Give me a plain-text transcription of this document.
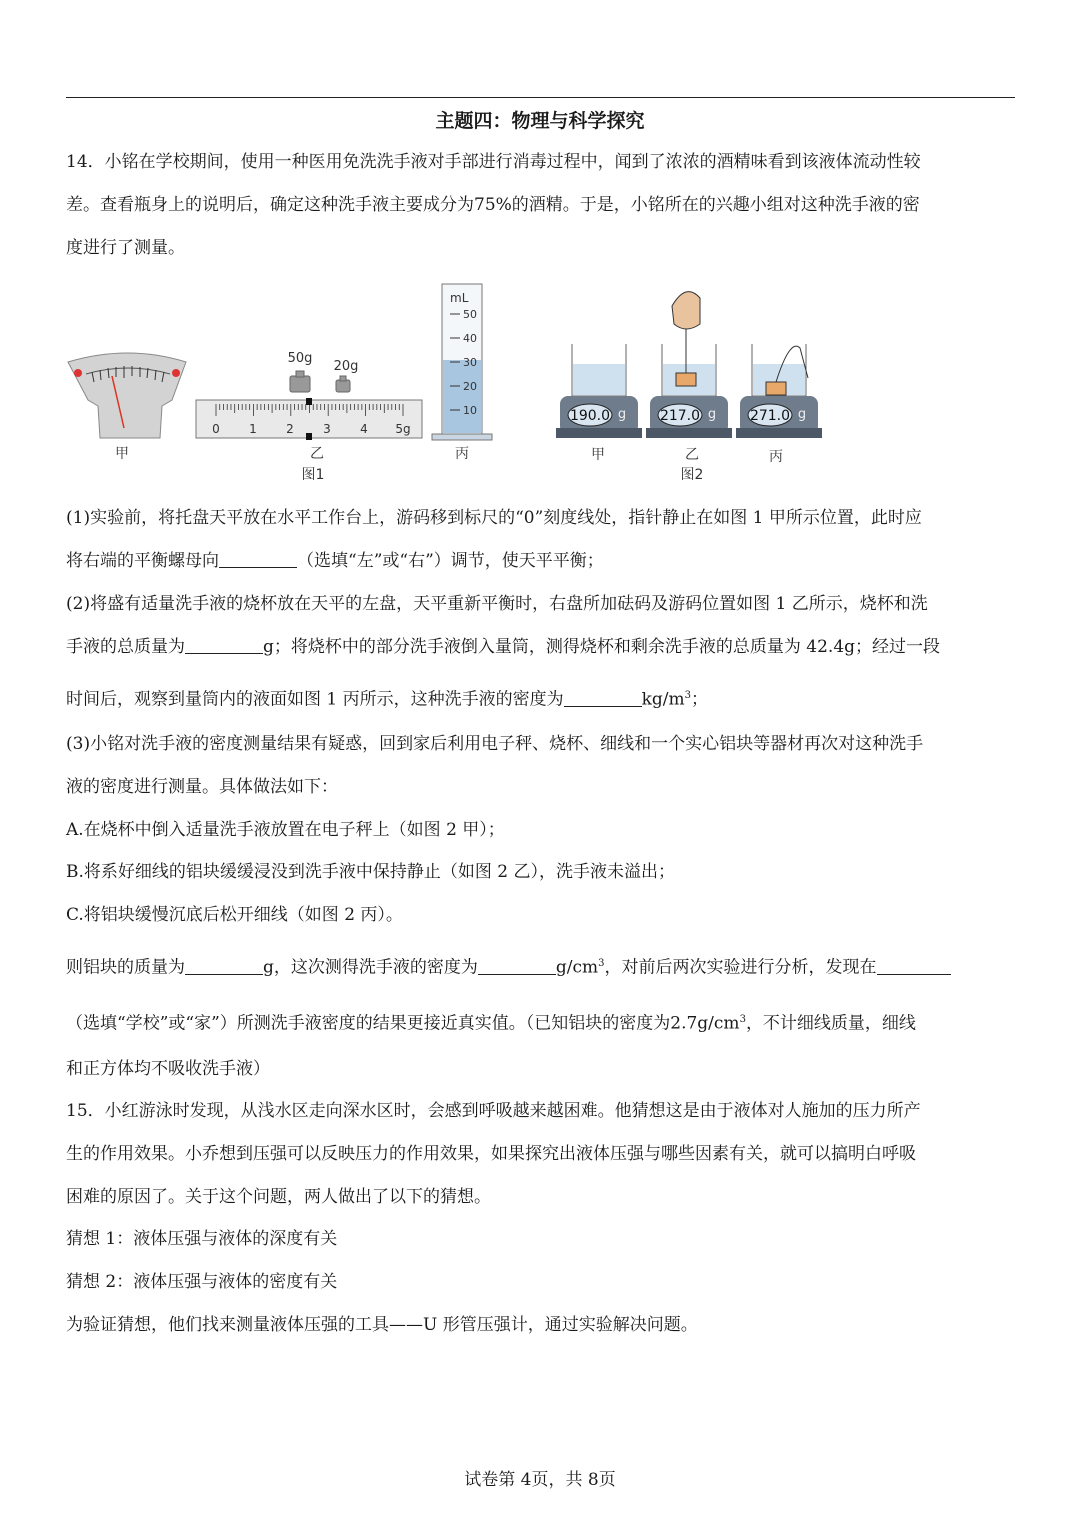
主题四：物理与科学探究
14．小铭在学校期间，使用一种医用免洗洗手液对手部进行消毒过程中，闻到了浓浓的酒精味看到该液体流动性较
差。查看瓶身上的说明后，确定这种洗手液主要成分为75%的酒精。于是，小铭所在的兴趣小组对这种洗手液的密
度进行了测量。
甲
50g
20g
0 1 2 3 4 5g
乙
图1
mL
50
40
30
20
10
丙
190.0	217.0	271.0
g	g	g
甲	乙	丙
图2
(1)实验前，将托盘天平放在水平工作台上，游码移到标尺的“0”刻度线处，指针静止在如图 1 甲所示位置，此时应
将右端的平衡螺母向	（选填“左”或“右”）调节，使天平平衡；
(2)将盛有适量洗手液的烧杯放在天平的左盘，天平重新平衡时，右盘所加砝码及游码位置如图 1 乙所示，烧杯和洗
手液的总质量为	g；将烧杯中的部分洗手液倒入量筒，测得烧杯和剩余洗手液的总质量为 42.4g；经过一段
时间后，观察到量筒内的液面如图 1 丙所示，这种洗手液的密度为	$kg/m^3$；
(3)小铭对洗手液的密度测量结果有疑惑，回到家后利用电子秤、烧杯、细线和一个实心铝块等器材再次对这种洗手
液的密度进行测量。具体做法如下：
A.在烧杯中倒入适量洗手液放置在电子秤上（如图 2 甲）；
B.将系好细线的铝块缓缓浸没到洗手液中保持静止（如图 2 乙），洗手液未溢出；
C.将铝块缓慢沉底后松开细线（如图 2 丙）。
则铝块的质量为	g，这次测得洗手液的密度为	$g/cm^3$，对前后两次实验进行分析，发现在
（选填“学校”或“家”）所测洗手液密度的结果更接近真实值。（已知铝块的密度为$2.7g/cm^3$，不计细线质量，细线
和正方体均不吸收洗手液）
15．小红游泳时发现，从浅水区走向深水区时，会感到呼吸越来越困难。他猜想这是由于液体对人施加的压力所产
生的作用效果。小乔想到压强可以反映压力的作用效果，如果探究出液体压强与哪些因素有关，就可以搞明白呼吸
困难的原因了。关于这个问题，两人做出了以下的猜想。
猜想 1：液体压强与液体的深度有关
猜想 2：液体压强与液体的密度有关
为验证猜想，他们找来测量液体压强的工具——U 形管压强计，通过实验解决问题。
试卷第 4页，共 8页
